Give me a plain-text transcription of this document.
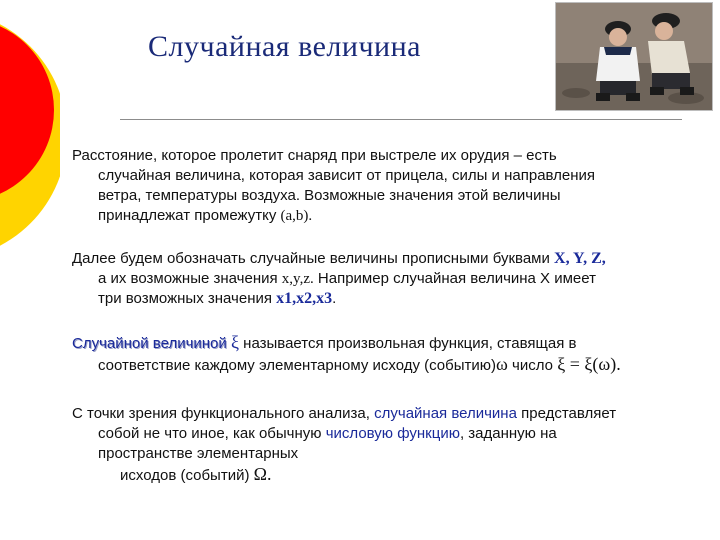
Случайная величина
Расстояние, которое пролетит снаряд при выстреле их орудия – есть
случайная величина, которая зависит от прицела, силы и направления
ветра, температуры воздуха. Возможные значения этой величины
принадлежат промежутку (a,b).
Далее будем обозначать случайные величины прописными буквами X, Y, Z,
а их возможные значения x,y,z. Например случайная величина X имеет
три возможных значения x1,x2,x3.
Случайной величиной ξ называется произвольная функция, ставящая в
соответствие каждому элементарному исходу (событию)ω число ξ = ξ(ω).
С точки зрения функционального анализа, случайная величина представляет
собой не что иное, как обычную числовую функцию, заданную на
пространстве элементарных
исходов (событий) Ω.
